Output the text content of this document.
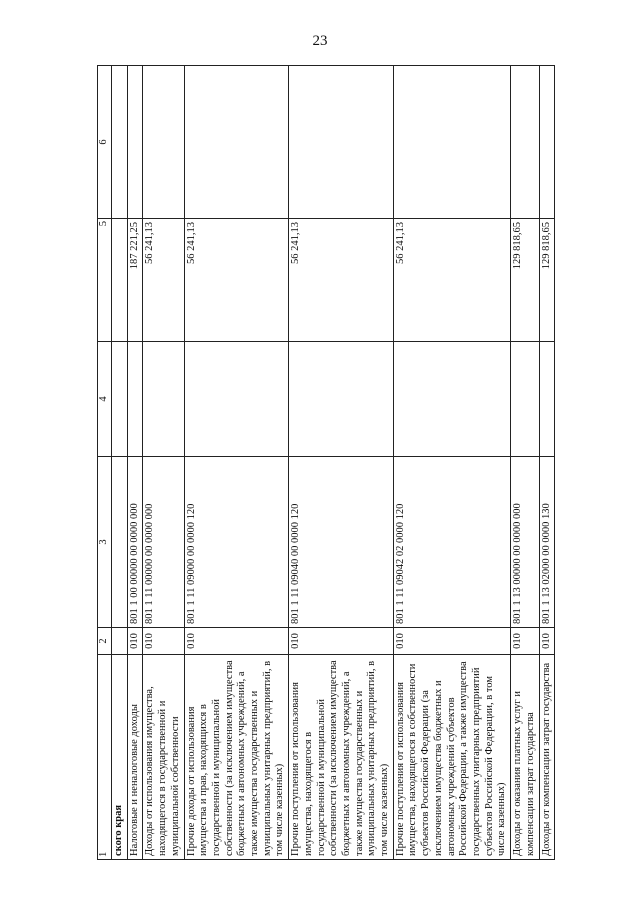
23
1	2	3	4	5	6
ского края					
Налоговые и неналоговые доходы	010	801 1 00 00000 00 0000 000		187 221,25	
Доходы от использования имущества, находящегося в государственной и муниципальной собственности	010	801 1 11 00000 00 0000 000		56 241,13	
Прочие доходы от использования имущества и прав, находящихся в государственной и муниципальной собственности (за исключением имущества бюджетных и автономных учреждений, а также имущества государственных и муниципальных унитарных предприятий, в том числе казенных)	010	801 1 11 09000 00 0000 120		56 241,13	
Прочие поступления от использования имущества, находящегося в государственной и муниципальной собственности (за исключением имущества бюджетных и автономных учреждений, а также имущества государственных и муниципальных унитарных предприятий, в том числе казенных)	010	801 1 11 09040 00 0000 120		56 241,13	
Прочие поступления от использования имущества, находящегося в собственности субъектов Российской Федерации (за исключением имущества бюджетных и автономных учреждений субъектов Российской Федерации, а также имущества государственных унитарных предприятий субъектов Российской Федерации, в том числе казенных)	010	801 1 11 09042 02 0000 120		56 241,13	
Доходы от оказания платных услуг и компенсации затрат государства	010	801 1 13 00000 00 0000 000		129 818,65	
Доходы от компенсации затрат государства	010	801 1 13 02000 00 0000 130		129 818,65	
